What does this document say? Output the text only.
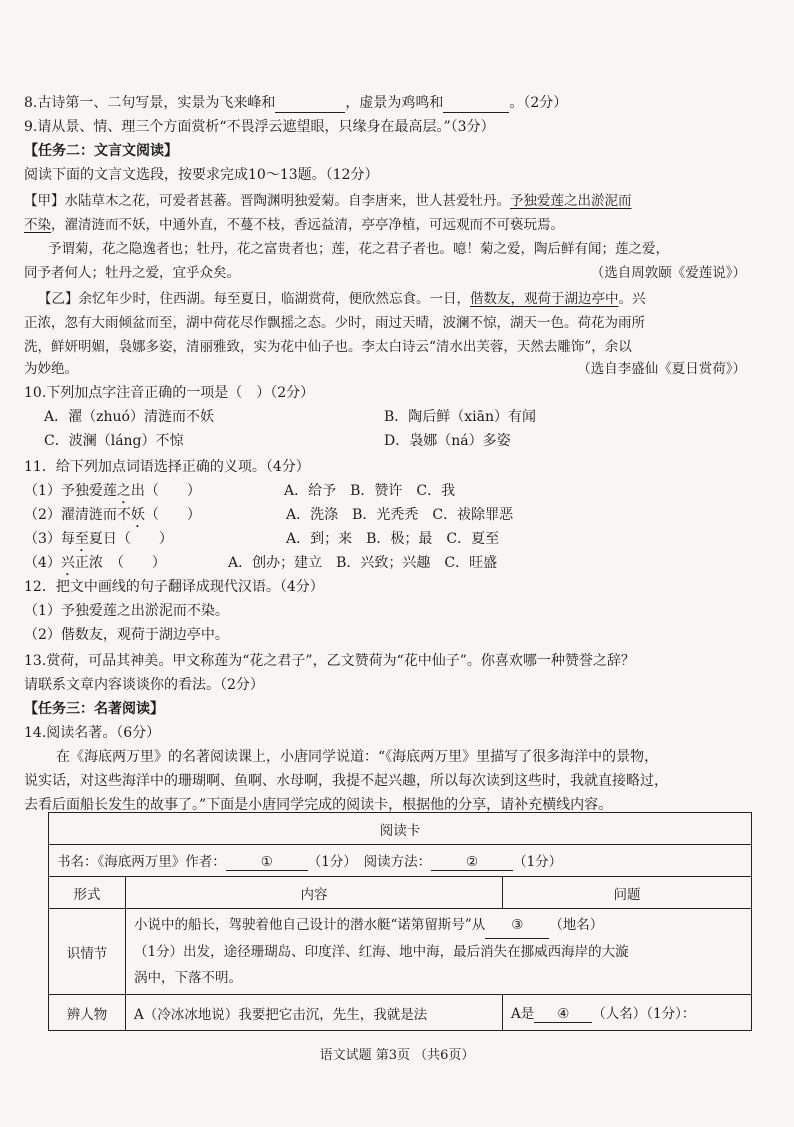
8.古诗第一、二句写景，实景为飞来峰和	，虚景为鸡鸣和	。（2分）
9.请从景、情、理三个方面赏析“不畏浮云遮望眼，只缘身在最高层。”（3分）
【任务二：文言文阅读】
阅读下面的文言文选段，按要求完成10～13题。（12分）
【甲】水陆草木之花，可爱者甚蕃。晋陶渊明独爱菊。自李唐来，世人甚爱牡丹。予独爱莲之出淤泥而
不染，濯清涟而不妖，中通外直，不蔓不枝，香远益清，亭亭净植，可远观而不可亵玩焉。
予谓菊，花之隐逸者也；牡丹，花之富贵者也；莲，花之君子者也。噫！菊之爱，陶后鲜有闻；莲之爱，
同予者何人；牡丹之爱，宜乎众矣。	（选自周敦颐《爱莲说》）
【乙】余忆年少时，住西湖。每至夏日，临湖赏荷，便欣然忘食。一日，偕数友，观荷于湖边亭中。兴
正浓，忽有大雨倾盆而至，湖中荷花尽作飘摇之态。少时，雨过天晴，波澜不惊，湖天一色。荷花为雨所
洗，鲜妍明媚，袅娜多姿，清丽雅致，实为花中仙子也。李太白诗云“清水出芙蓉，天然去雕饰”，余以
为妙绝。	（选自李盛仙《夏日赏荷》）
10.下列加点字注音正确的一项是（　）（2分）
A．濯（zhuó）清涟而不妖	B．陶后鲜（xiān）有闻
C．波澜（láng）不惊	D．袅娜（ná）多姿
11．给下列加点词语选择正确的义项。（4分）
（1）予独爱莲之出（　　）	A．给予　B．赞许　C．我
（2）濯清涟而不妖（　　）	A．洗涤　B．光秃秃　C．祓除罪恶
（3）每至夏日（　　）	A．到；来　B．极；最　C．夏至
（4）兴正浓　（　　）	A．创办；建立　B．兴致；兴趣　C．旺盛
12．把文中画线的句子翻译成现代汉语。（4分）
（1）予独爱莲之出淤泥而不染。
（2）偕数友，观荷于湖边亭中。
13.赏荷，可品其神美。甲文称莲为“花之君子”，乙文赞荷为“花中仙子”。你喜欢哪一种赞誉之辞？
请联系文章内容谈谈你的看法。（2分）
【任务三：名著阅读】
14.阅读名著。（6分）
在《海底两万里》的名著阅读课上，小唐同学说道：“《海底两万里》里描写了很多海洋中的景物，
说实话，对这些海洋中的珊瑚啊、鱼啊、水母啊，我提不起兴趣，所以每次读到这些时，我就直接略过，
去看后面船长发生的故事了。”下面是小唐同学完成的阅读卡，根据他的分享，请补充横线内容。
阅读卡		
书名：《海底两万里》作者： ① （1分）　阅读方法： ② （1分）		
形式	内容	问题
识情节	小说中的船长，驾驶着他自己设计的潜水艇“诺第留斯号”从 ③ （地名）
（1分）出发，途径珊瑚岛、印度洋、红海、地中海，最后消失在挪威西海岸的大漩
涡中，下落不明。	

辨人物	A（冷冰冰地说）我要把它击沉，先生，我就是法	A是 ④ （人名）（1分）：
语文试题 第3页 （共6页）
